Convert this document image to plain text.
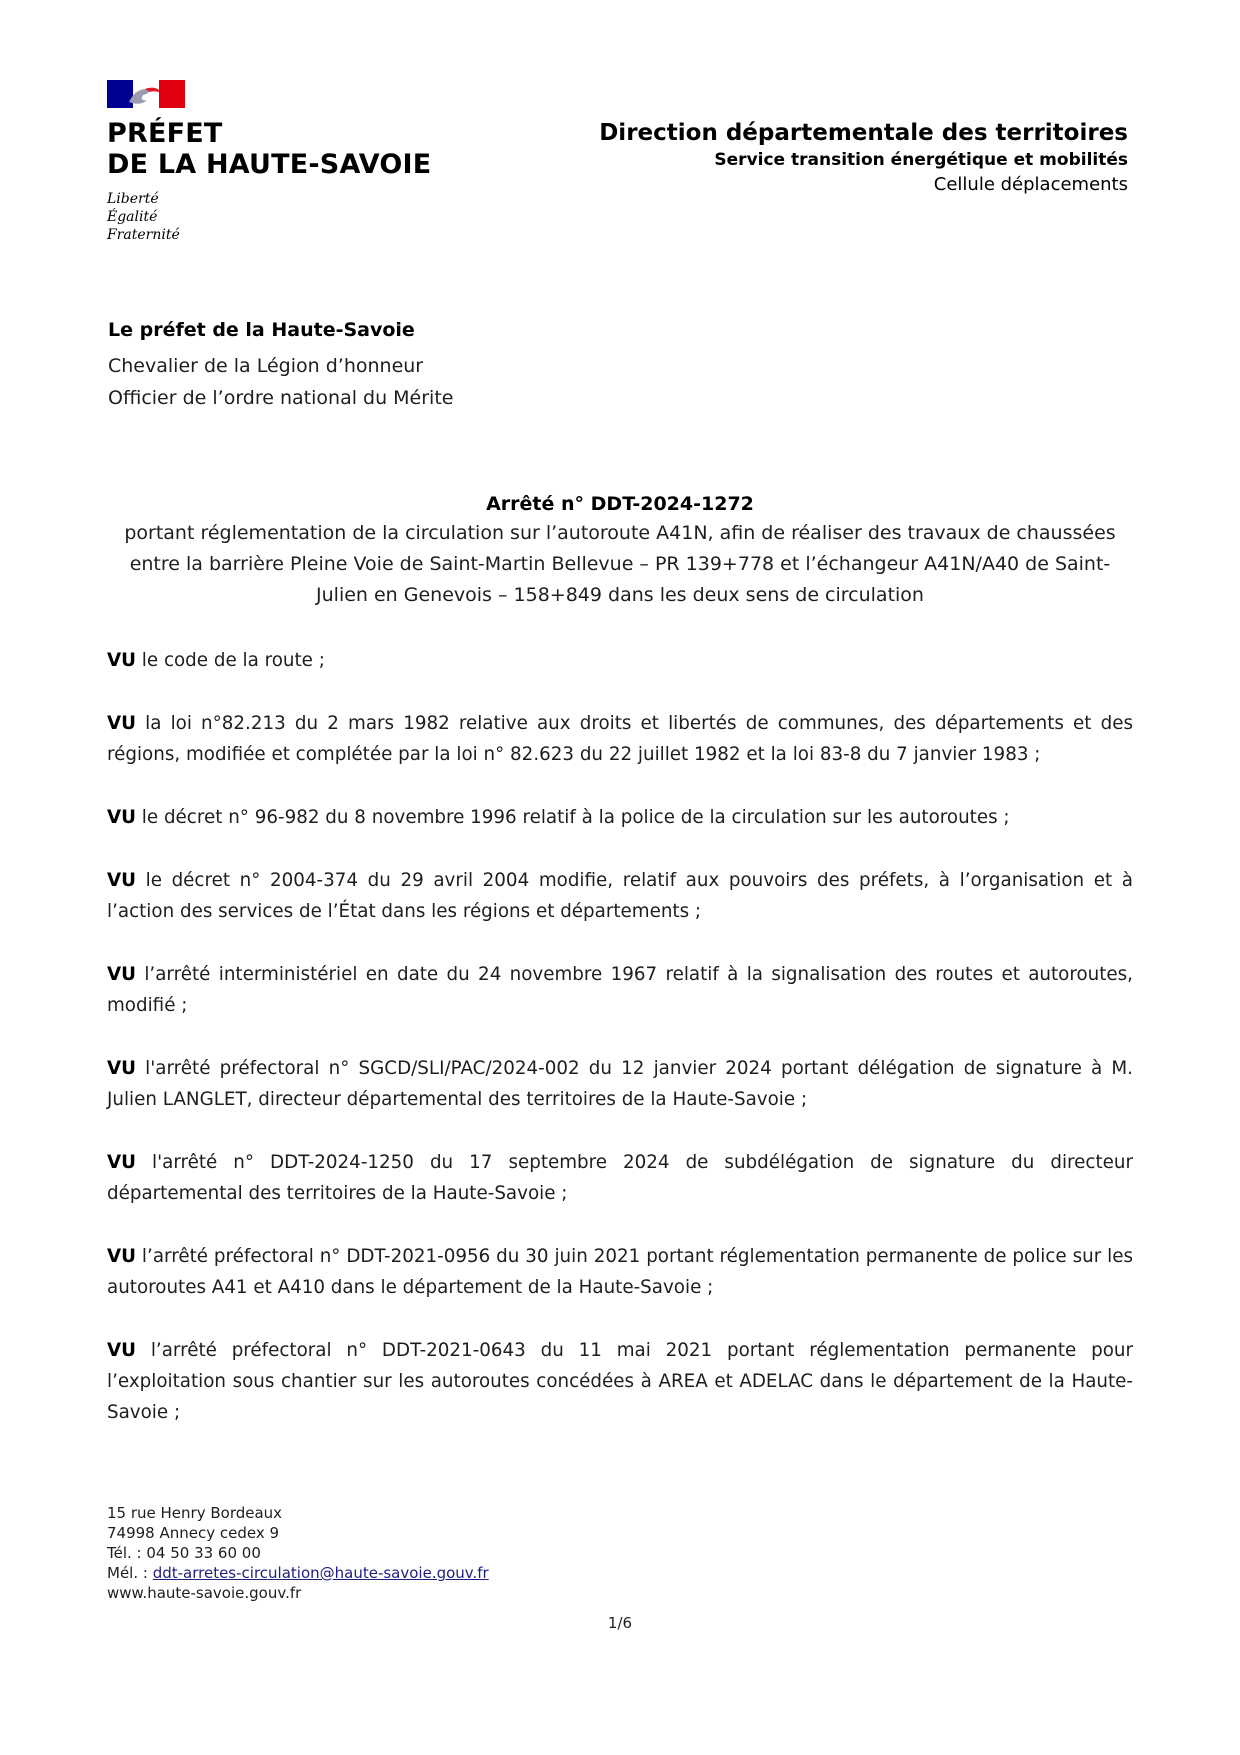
PRÉFET
DE LA HAUTE-SAVOIE
Liberté
Égalité
Fraternité
Direction départementale des territoires
Service transition énergétique et mobilités
Cellule déplacements
Le préfet de la Haute-Savoie
Chevalier de la Légion d’honneur
Officier de l’ordre national du Mérite
Arrêté n° DDT-2024-1272
portant réglementation de la circulation sur l’autoroute A41N, afin de réaliser des travaux de chaussées entre la barrière Pleine Voie de Saint-Martin Bellevue – PR 139+778 et l’échangeur A41N/A40 de Saint-Julien en Genevois – 158+849 dans les deux sens de circulation

VU le code de la route ;

VU la loi n°82.213 du 2 mars 1982 relative aux droits et libertés de communes, des départements et des régions, modifiée et complétée par la loi n° 82.623 du 22 juillet 1982 et la loi 83-8 du 7 janvier 1983 ;

VU le décret n° 96-982 du 8 novembre 1996 relatif à la police de la circulation sur les autoroutes ;

VU le décret n° 2004-374 du 29 avril 2004 modifie, relatif aux pouvoirs des préfets, à l’organisation et à l’action des services de l’État dans les régions et départements ;

VU l’arrêté interministériel en date du 24 novembre 1967 relatif à la signalisation des routes et autoroutes, modifié ;

VU l'arrêté préfectoral n° SGCD/SLI/PAC/2024-002 du 12 janvier 2024 portant délégation de signature à M. Julien LANGLET, directeur départemental des territoires de la Haute-Savoie ;

VU l'arrêté n° DDT-2024-1250 du 17 septembre 2024 de subdélégation de signature du directeur départemental des territoires de la Haute-Savoie ;

VU l’arrêté préfectoral n° DDT-2021-0956 du 30 juin 2021 portant réglementation permanente de police sur les autoroutes A41 et A410 dans le département de la Haute-Savoie ;

VU l’arrêté préfectoral n° DDT-2021-0643 du 11 mai 2021 portant réglementation permanente pour l’exploitation sous chantier sur les autoroutes concédées à AREA et ADELAC dans le département de la Haute-Savoie ;

15 rue Henry Bordeaux
74998 Annecy cedex 9
Tél. : 04 50 33 60 00
Mél. : ddt-arretes-circulation@haute-savoie.gouv.fr
www.haute-savoie.gouv.fr
1/6
